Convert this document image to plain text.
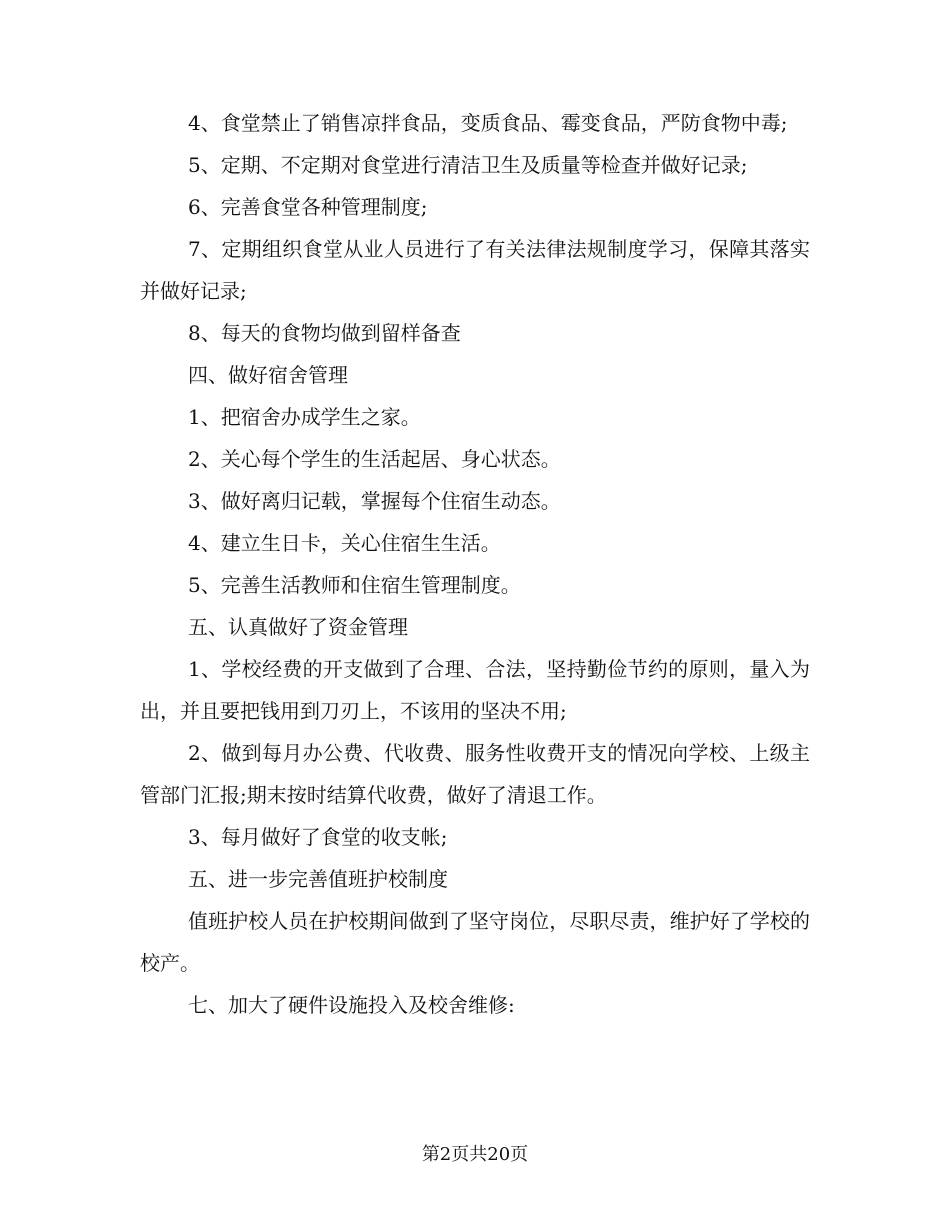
4、食堂禁止了销售凉拌食品，变质食品、霉变食品，严防食物中毒;

5、定期、不定期对食堂进行清洁卫生及质量等检查并做好记录;

6、完善食堂各种管理制度;

7、定期组织食堂从业人员进行了有关法律法规制度学习，保障其落实并做好记录;

8、每天的食物均做到留样备查

四、做好宿舍管理

1、把宿舍办成学生之家。

2、关心每个学生的生活起居、身心状态。

3、做好离归记载，掌握每个住宿生动态。

4、建立生日卡，关心住宿生生活。

5、完善生活教师和住宿生管理制度。

五、认真做好了资金管理

1、学校经费的开支做到了合理、合法，坚持勤俭节约的原则，量入为出，并且要把钱用到刀刃上，不该用的坚决不用;

2、做到每月办公费、代收费、服务性收费开支的情况向学校、上级主管部门汇报;期末按时结算代收费，做好了清退工作。

3、每月做好了食堂的收支帐;

五、进一步完善值班护校制度

值班护校人员在护校期间做到了坚守岗位，尽职尽责，维护好了学校的校产。

七、加大了硬件设施投入及校舍维修:

第2页共20页
